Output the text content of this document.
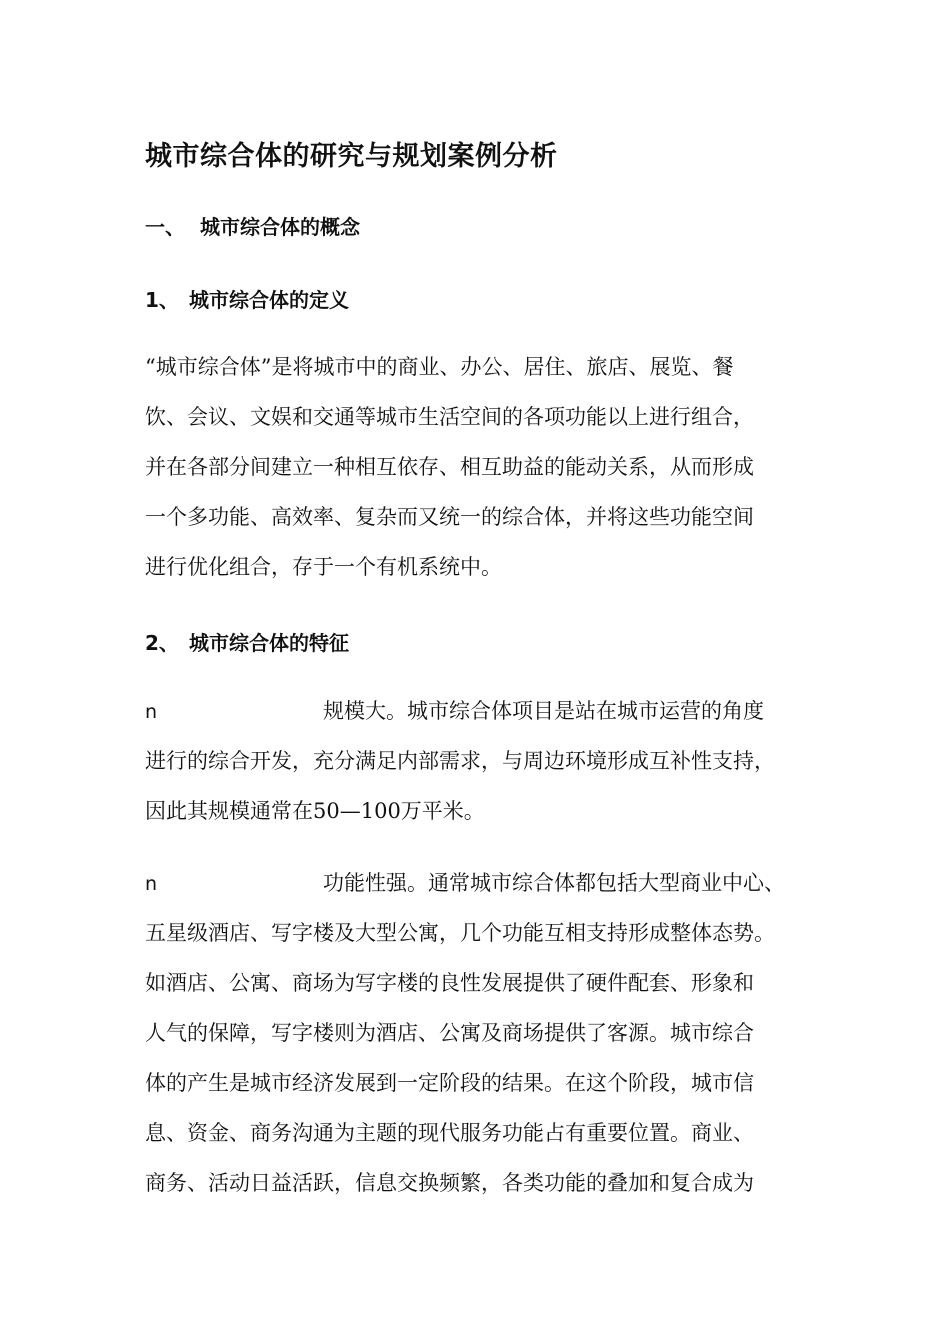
城市综合体的研究与规划案例分析
一、 城市综合体的概念
1、 城市综合体的定义
“城市综合体”是将城市中的商业、办公、居住、旅店、展览、餐
饮、会议、文娱和交通等城市生活空间的各项功能以上进行组合，
并在各部分间建立一种相互依存、相互助益的能动关系，从而形成
一个多功能、高效率、复杂而又统一的综合体，并将这些功能空间
进行优化组合，存于一个有机系统中。
2、 城市综合体的特征
n	规模大。城市综合体项目是站在城市运营的角度
进行的综合开发，充分满足内部需求，与周边环境形成互补性支持，
因此其规模通常在50—100万平米。
n	功能性强。通常城市综合体都包括大型商业中心、
五星级酒店、写字楼及大型公寓，几个功能互相支持形成整体态势。
如酒店、公寓、商场为写字楼的良性发展提供了硬件配套、形象和
人气的保障，写字楼则为酒店、公寓及商场提供了客源。城市综合
体的产生是城市经济发展到一定阶段的结果。在这个阶段，城市信
息、资金、商务沟通为主题的现代服务功能占有重要位置。商业、
商务、活动日益活跃，信息交换频繁，各类功能的叠加和复合成为
